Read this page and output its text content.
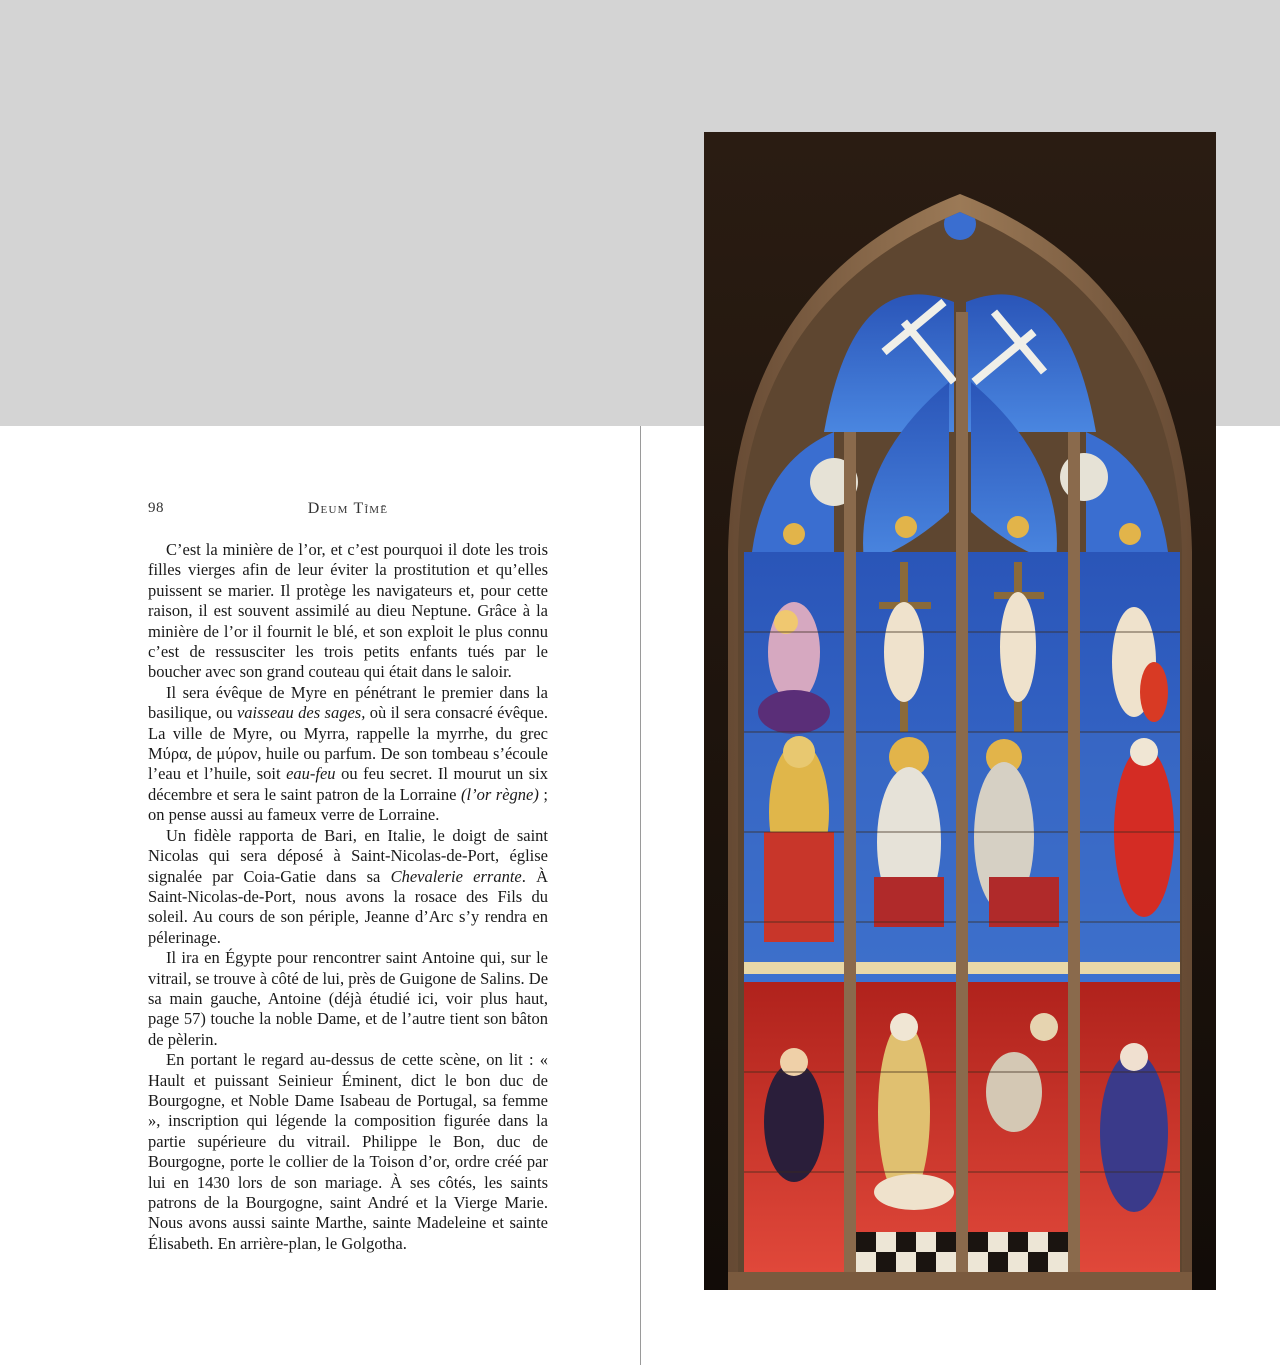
98	Deum Tĩmē

C’est la minière de l’or, et c’est pourquoi il dote les trois filles vierges afin de leur éviter la prostitution et qu’elles puissent se marier. Il protège les navigateurs et, pour cette raison, il est souvent assimilé au dieu Neptune. Grâce à la minière de l’or il fournit le blé, et son exploit le plus connu c’est de ressusciter les trois petits enfants tués par le boucher avec son grand couteau qui était dans le saloir.

Il sera évêque de Myre en pénétrant le premier dans la basilique, ou vaisseau des sages, où il sera consacré évêque. La ville de Myre, ou Myrra, rappelle la myrrhe, du grec Μύρα, de μύρον, huile ou parfum. De son tombeau s’écoule l’eau et l’huile, soit eau-feu ou feu secret. Il mourut un six décembre et sera le saint patron de la Lorraine (l’or règne) ; on pense aussi au fameux verre de Lorraine.

Un fidèle rapporta de Bari, en Italie, le doigt de saint Nicolas qui sera déposé à Saint-Nicolas-de-Port, église signalée par Coia-Gatie dans sa Chevalerie errante. À Saint-Nicolas-de-Port, nous avons la rosace des Fils du soleil. Au cours de son périple, Jeanne d’Arc s’y rendra en pélerinage.

Il ira en Égypte pour rencontrer saint Antoine qui, sur le vitrail, se trouve à côté de lui, près de Guigone de Salins. De sa main gauche, Antoine (déjà étudié ici, voir plus haut, page 57) touche la noble Dame, et de l’autre tient son bâton de pèlerin.

En portant le regard au-dessus de cette scène, on lit : « Hault et puissant Seinieur Éminent, dict le bon duc de Bourgogne, et Noble Dame Isabeau de Portugal, sa femme », inscription qui légende la composition figurée dans la partie supérieure du vitrail. Philippe le Bon, duc de Bourgogne, porte le collier de la Toison d’or, ordre créé par lui en 1430 lors de son mariage. À ses côtés, les saints patrons de la Bourgogne, saint André et la Vierge Marie. Nous avons aussi sainte Marthe, sainte Madeleine et sainte Élisabeth. En arrière-plan, le Golgotha.
